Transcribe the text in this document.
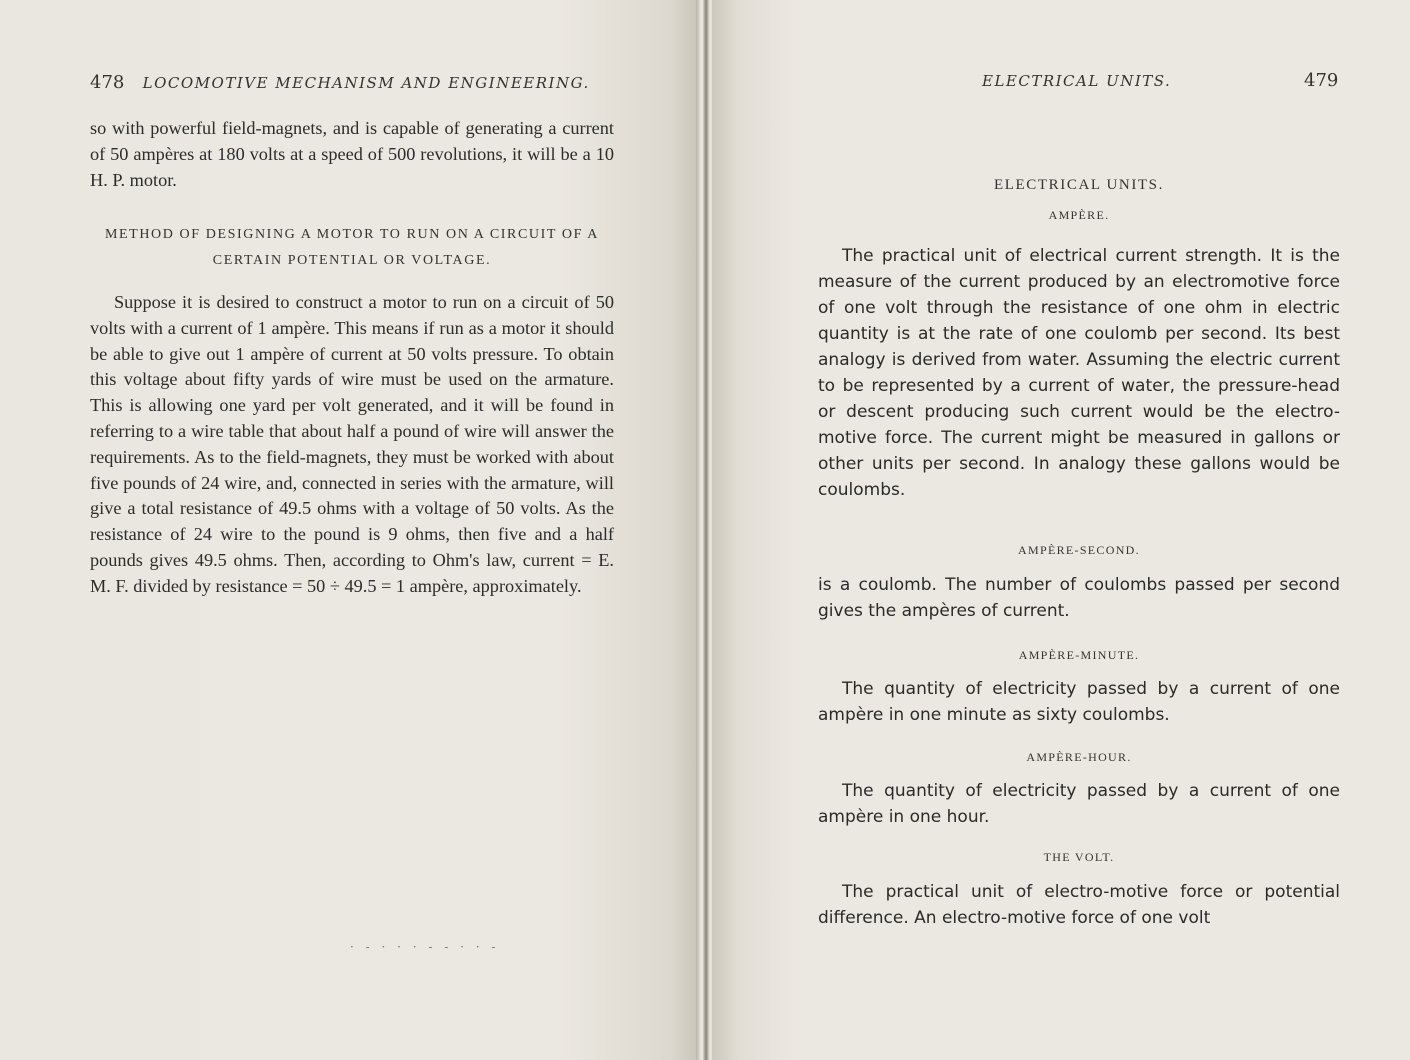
478 LOCOMOTIVE MECHANISM AND ENGINEERING.

so with powerful field-magnets, and is capable of generating a current of 50 ampères at 180 volts at a speed of 500 revolutions, it will be a 10 H. P. motor.

METHOD OF DESIGNING A MOTOR TO RUN ON A CIRCUIT OF A CERTAIN POTENTIAL OR VOLTAGE.

Suppose it is desired to construct a motor to run on a circuit of 50 volts with a current of 1 ampère. This means if run as a motor it should be able to give out 1 ampère of current at 50 volts pressure. To obtain this voltage about fifty yards of wire must be used on the armature. This is allowing one yard per volt generated, and it will be found in referring to a wire table that about half a pound of wire will answer the requirements. As to the field-magnets, they must be worked with about five pounds of 24 wire, and, connected in series with the armature, will give a total resistance of 49.5 ohms with a voltage of 50 volts. As the resistance of 24 wire to the pound is 9 ohms, then five and a half pounds gives 49.5 ohms. Then, according to Ohm's law, current = E. M. F. divided by resistance = 50 ÷ 49.5 = 1 ampère, approximately.

· - · · · - - · · -
ELECTRICAL UNITS.	479

ELECTRICAL UNITS.

AMPÈRE.

The practical unit of electrical current strength. It is the measure of the current produced by an electromotive force of one volt through the resistance of one ohm in electric quantity is at the rate of one coulomb per second. Its best analogy is derived from water. Assuming the electric current to be represented by a current of water, the pressure-head or descent producing such current would be the electro-motive force. The current might be measured in gallons or other units per second. In analogy these gallons would be coulombs.

AMPÈRE-SECOND.

is a coulomb. The number of coulombs passed per second gives the ampères of current.

AMPÈRE-MINUTE.

The quantity of electricity passed by a current of one ampère in one minute as sixty coulombs.

AMPÈRE-HOUR.

The quantity of electricity passed by a current of one ampère in one hour.

THE VOLT.

The practical unit of electro-motive force or potential difference. An electro-motive force of one volt
